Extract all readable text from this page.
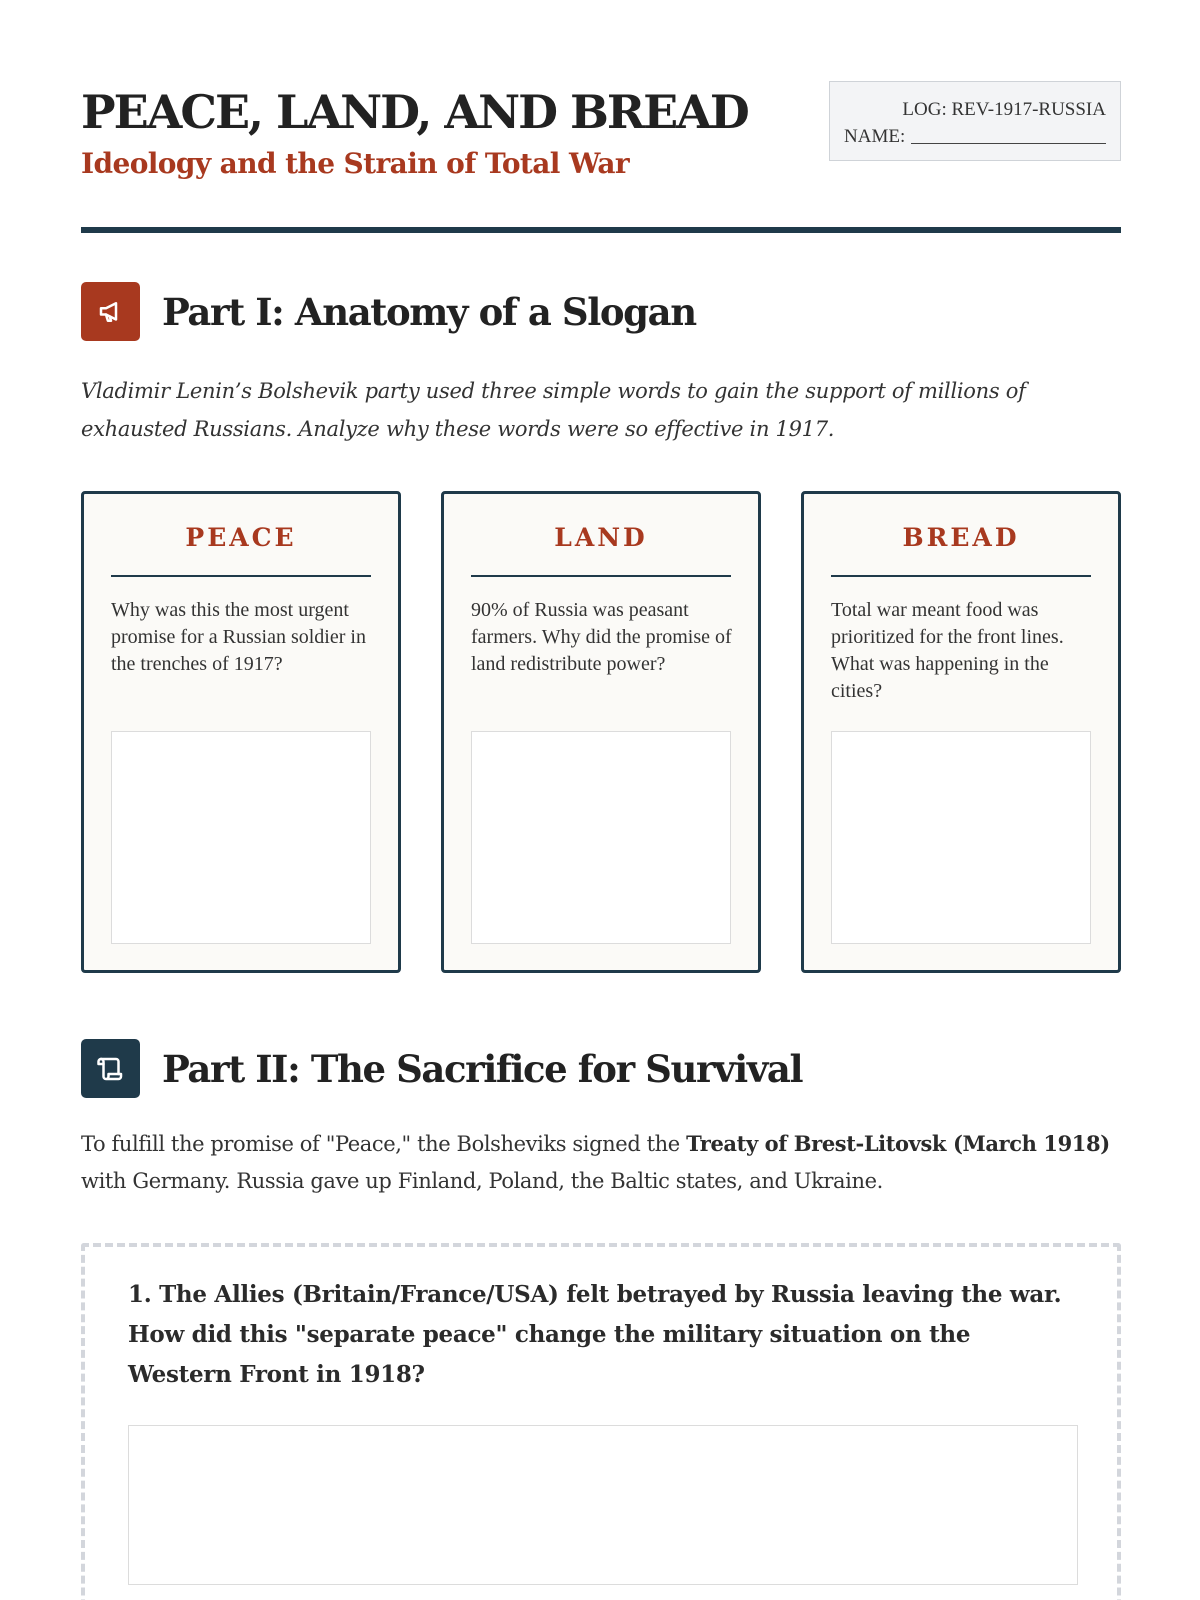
PEACE, LAND, AND BREAD
Ideology and the Strain of Total War
LOG: REV-1917-RUSSIA
NAME:
Part I: Anatomy of a Slogan

Vladimir Lenin’s Bolshevik party used three simple words to gain the support of millions of exhausted Russians. Analyze why these words were so effective in 1917.

PEACE

Why was this the most urgent promise for a Russian soldier in the trenches of 1917?

LAND

90% of Russia was peasant farmers. Why did the promise of land redistribute power?

BREAD

Total war meant food was prioritized for the front lines. What was happening in the cities?

Part II: The Sacrifice for Survival

To fulfill the promise of "Peace," the Bolsheviks signed the Treaty of Brest-Litovsk (March 1918) with Germany. Russia gave up Finland, Poland, the Baltic states, and Ukraine.

1. The Allies (Britain/France/USA) felt betrayed by Russia leaving the war. How did this "separate peace" change the military situation on the Western Front in 1918?
